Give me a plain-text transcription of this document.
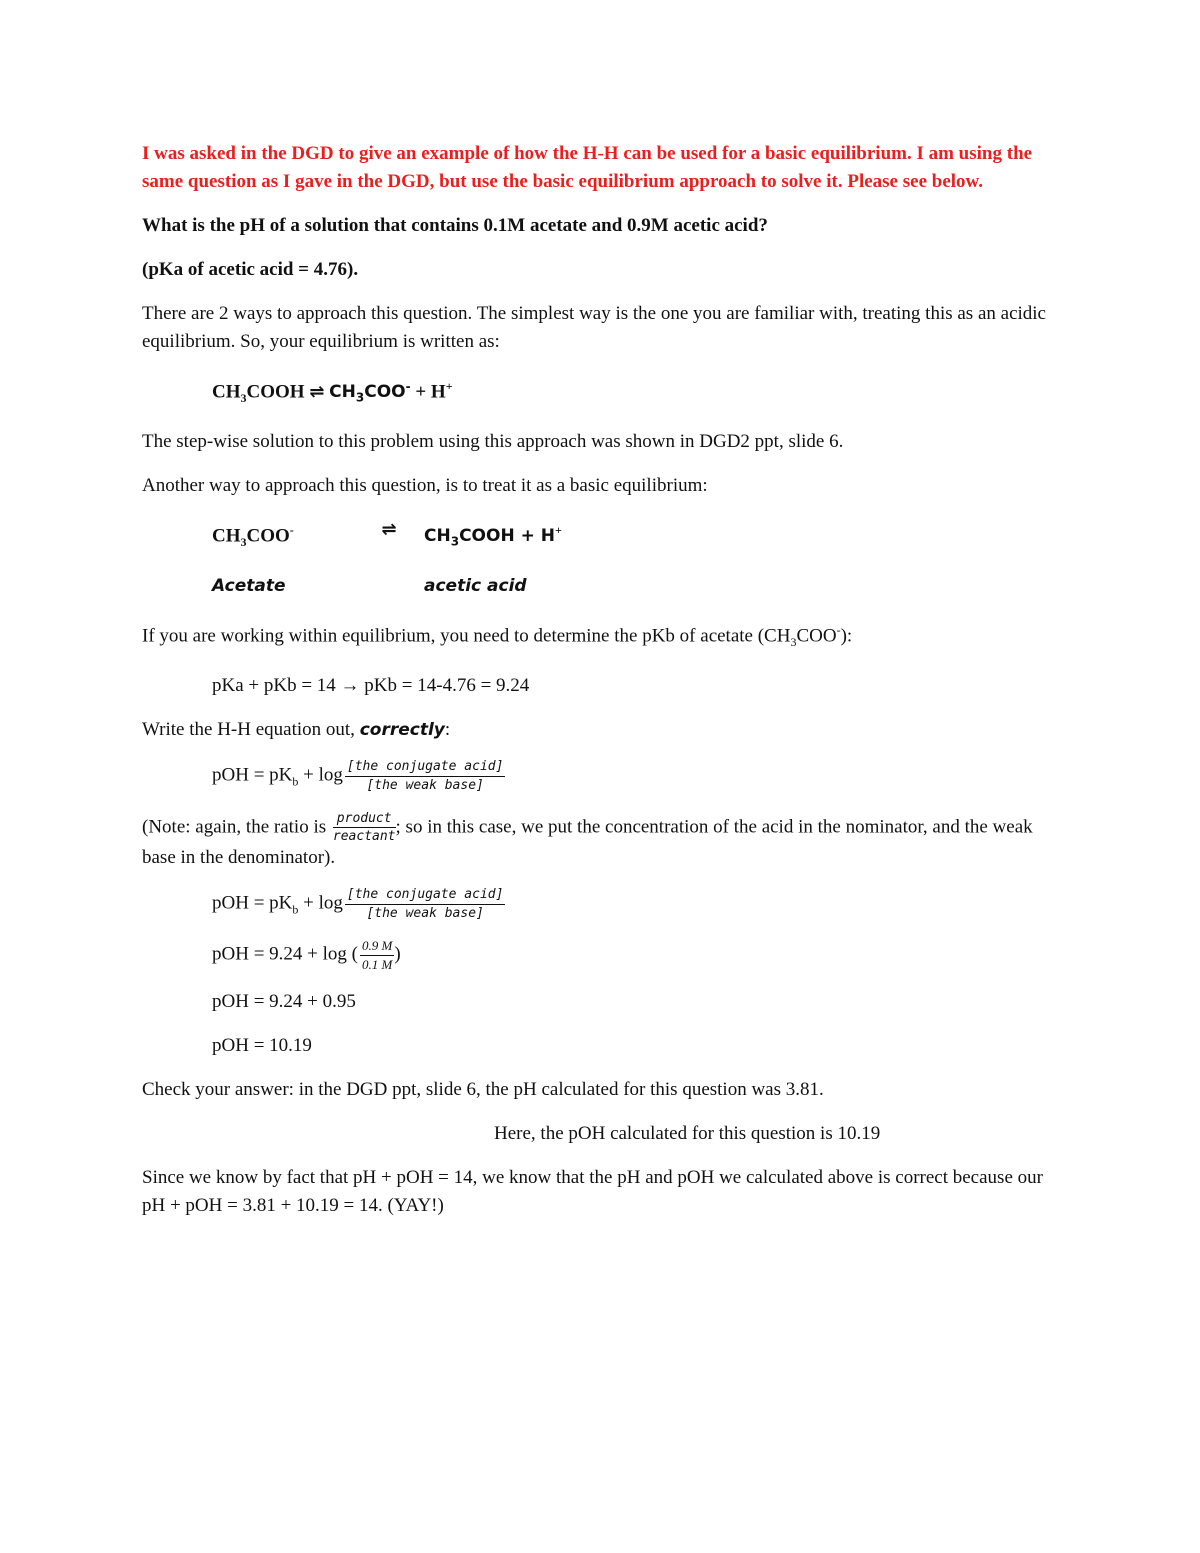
I was asked in the DGD to give an example of how the H-H can be used for a basic equilibrium. I am using the same question as I gave in the DGD, but use the basic equilibrium approach to solve it. Please see below.

What is the pH of a solution that contains 0.1M acetate and 0.9M acetic acid?

(pKa of acetic acid = 4.76).

There are 2 ways to approach this question. The simplest way is the one you are familiar with, treating this as an acidic equilibrium. So, your equilibrium is written as:

$CH_3COOH$ ⇌ $CH_3COO^- + H^+$

The step-wise solution to this problem using this approach was shown in DGD2 ppt, slide 6.

Another way to approach this question, is to treat it as a basic equilibrium:

$CH_3COO^-$	⇌	$CH_3COOH + H^+$
Acetate	acetic acid

If you are working within equilibrium, you need to determine the pKb of acetate $(CH_3COO^-)$:

pKa + pKb = 14 → pKb = 14-4.76 = 9.24

Write the H-H equation out, correctly:

pOH = $pK_b + \log \frac{\text{[the conjugate acid]}}{\text{[the weak base]}}$

(Note: again, the ratio is $\frac{\text{product}}{\text{reactant}}$ ; so in this case, we put the concentration of the acid in the nominator, and the weak base in the denominator).

pOH = $pK_b + \log \frac{\text{[the conjugate acid]}}{\text{[the weak base]}}$
pOH = 9.24 + log ( $\frac{0.9 M}{0.1 M}$ )
pOH = 9.24 + 0.95
pOH = 10.19

Check your answer: in the DGD ppt, slide 6, the pH calculated for this question was 3.81.

Here, the pOH calculated for this question is 10.19

Since we know by fact that pH + pOH = 14, we know that the pH and pOH we calculated above is correct because our pH + pOH = 3.81 + 10.19 = 14. (YAY!)
